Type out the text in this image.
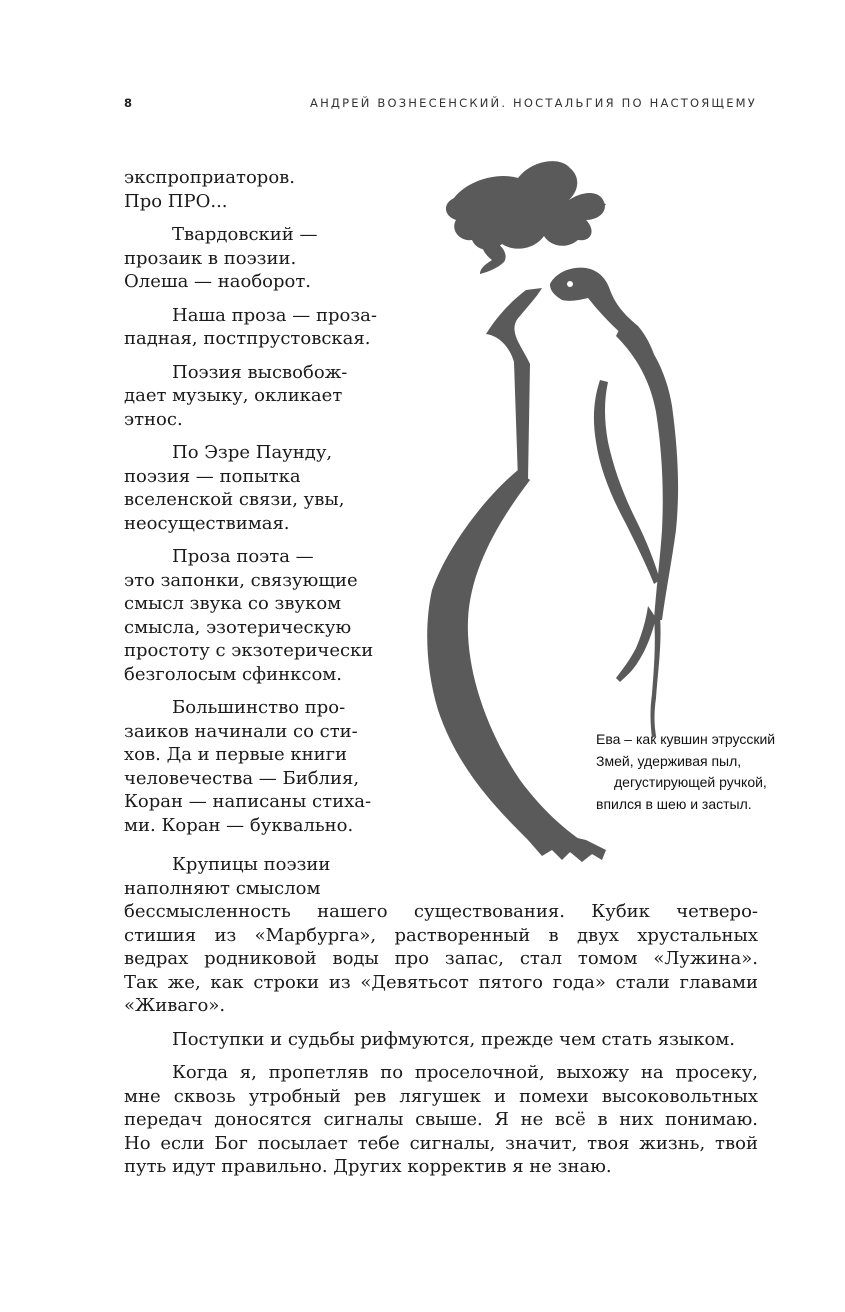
8	АНДРЕЙ ВОЗНЕСЕНСКИЙ. НОСТАЛЬГИЯ ПО НАСТОЯЩЕМУ

экспроприаторов.
Про ПРО...

Твардовский —
прозаик в поэзии.
Олеша — наоборот.

Наша проза — проза-
падная, постпрустовская.

Поэзия высвобож-
дает музыку, окликает
этнос.

По Эзре Паунду,
поэзия — попытка
вселенской связи, увы,
неосуществимая.

Проза поэта —
это запонки, связующие
смысл звука со звуком
смысла, эзотерическую
простоту с экзотерически
безголосым сфинксом.

Большинство про-
заиков начинали со сти-
хов. Да и первые книги
человечества — Библия,
Коран — написаны стиха-
ми. Коран — буквально.

Крупицы поэзии
наполняют смыслом
бессмысленность нашего существования. Кубик четверо-
стишия из «Марбурга», растворенный в двух хрустальных
ведрах родниковой воды про запас, стал томом «Лужина».
Так же, как строки из «Девятьсот пятого года» стали главами
«Живаго».

Поступки и судьбы рифмуются, прежде чем стать языком.

Когда я, пропетляв по проселочной, выхожу на просеку,
мне сквозь утробный рев лягушек и помехи высоковольтных
передач доносятся сигналы свыше. Я не всё в них понимаю.
Но если Бог посылает тебе сигналы, значит, твоя жизнь, твой
путь идут правильно. Других корректив я не знаю.

Ева – как кувшин этрусский
Змей, удерживая пыл,
дегустирующей ручкой,
впился в шею и застыл.
